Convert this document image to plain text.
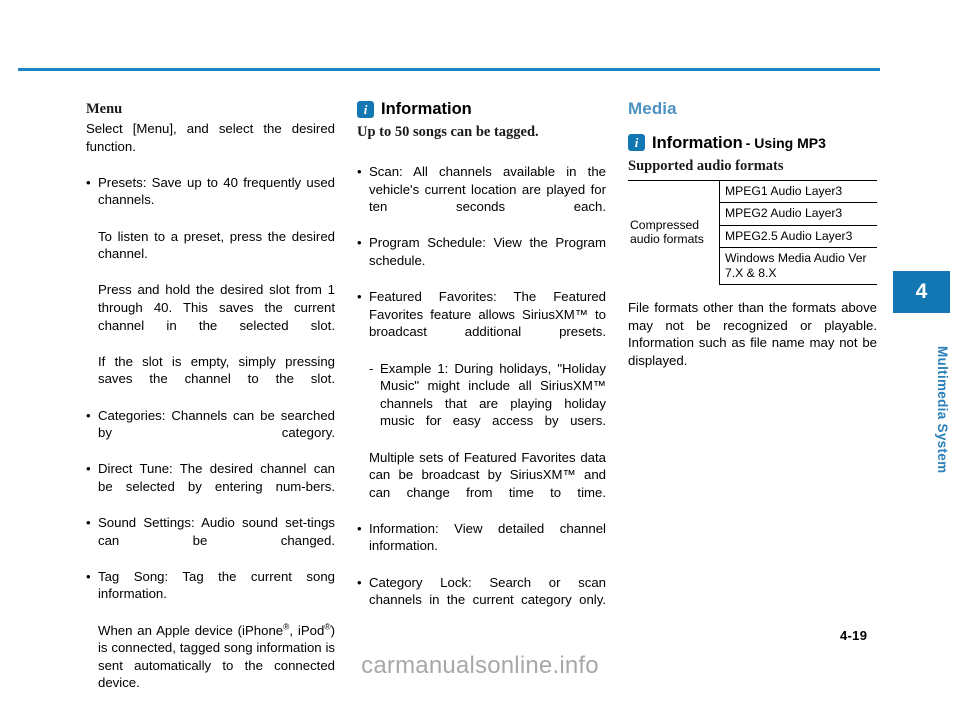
Menu

Select [Menu], and select the desired function.

• Presets: Save up to 40 frequently used channels.
To listen to a preset, press the desired channel.
Press and hold the desired slot from 1 through 40. This saves the current channel in the selected slot.
If the slot is empty, simply pressing saves the channel to the slot.
• Categories: Channels can be searched by category.
• Direct Tune: The desired channel can be selected by entering num-bers.
• Sound Settings: Audio sound set-tings can be changed.
• Tag Song: Tag the current song information.
When an Apple device (iPhone®, iPod®) is connected, tagged song information is sent automatically to the connected device.
i Information

Up to 50 songs can be tagged.

• Scan: All channels available in the vehicle's current location are played for ten seconds each.
• Program Schedule: View the Program schedule.
• Featured Favorites: The Featured Favorites feature allows SiriusXM™ to broadcast additional presets.
- Example 1: During holidays, "Holiday Music" might include all SiriusXM™ channels that are playing holiday music for easy access by users.
Multiple sets of Featured Favorites data can be broadcast by SiriusXM™ and can change from time to time.
• Information: View detailed channel information.
• Category Lock: Search or scan channels in the current category only.
Media
i Information - Using MP3

Supported audio formats

Compressed audio formats	MPEG1 Audio Layer3
MPEG2 Audio Layer3
MPEG2.5 Audio Layer3
Windows Media Audio Ver 7.X & 8.X

File formats other than the formats above may not be recognized or playable. Information such as file name may not be displayed.

4
Multimedia System
4-19
carmanualsonline.info
